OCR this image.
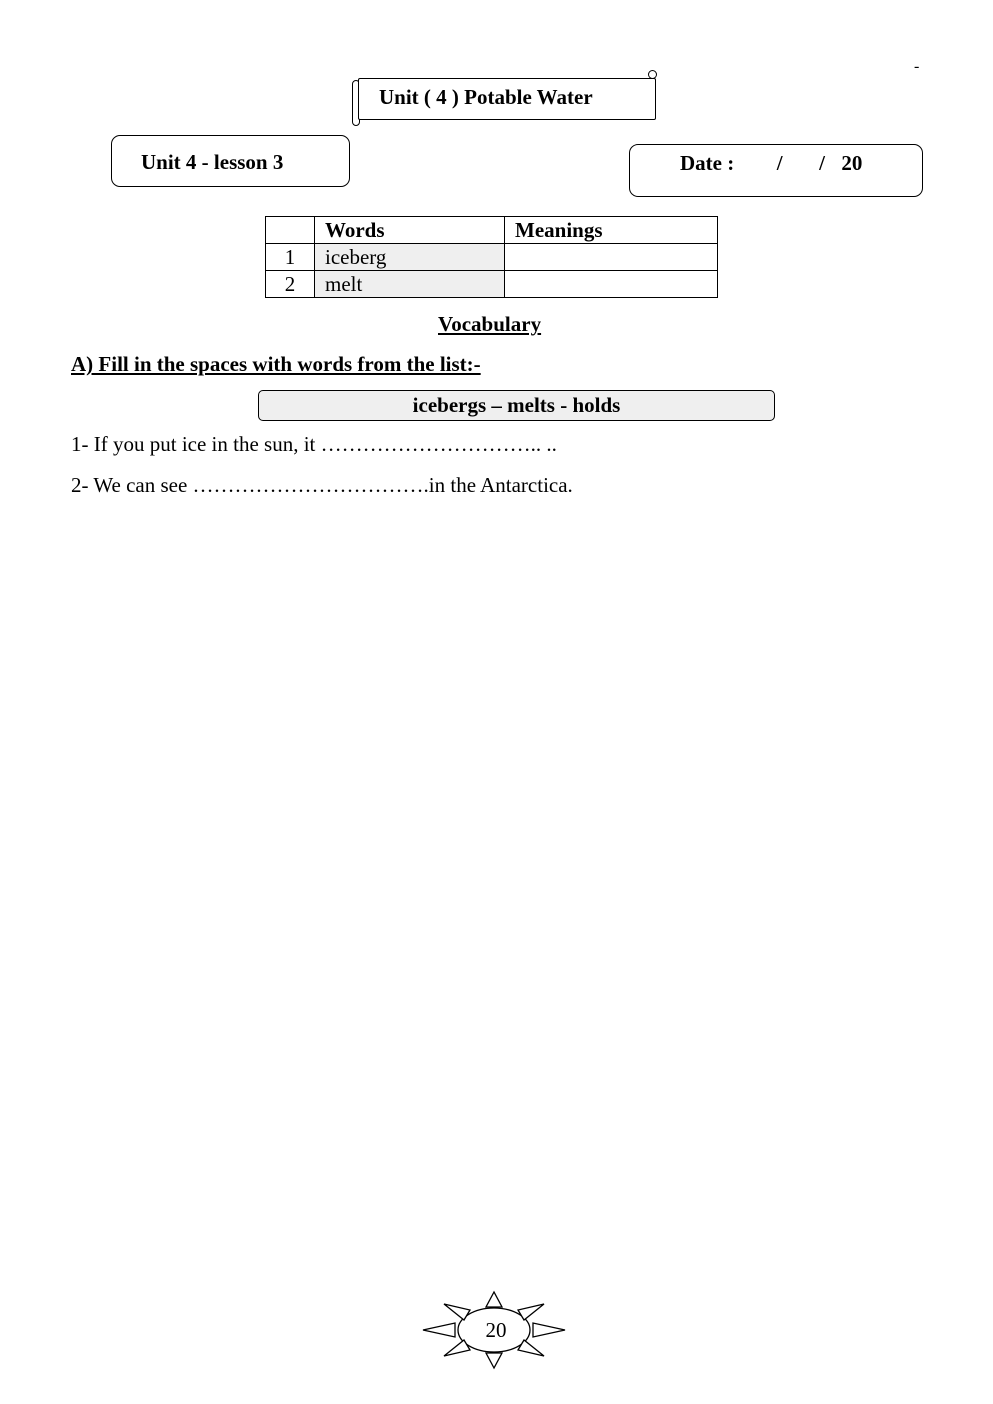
-
Unit ( 4 ) Potable Water
Unit 4 - lesson 3	Date : / / 20
	Words	Meanings
1	iceberg	
2	melt	
Vocabulary
A) Fill in the spaces with words from the list:-
icebergs – melts - holds
1- If you put ice in the sun, it ………………………….. ..
2- We can see …………………………….in the Antarctica.
20
